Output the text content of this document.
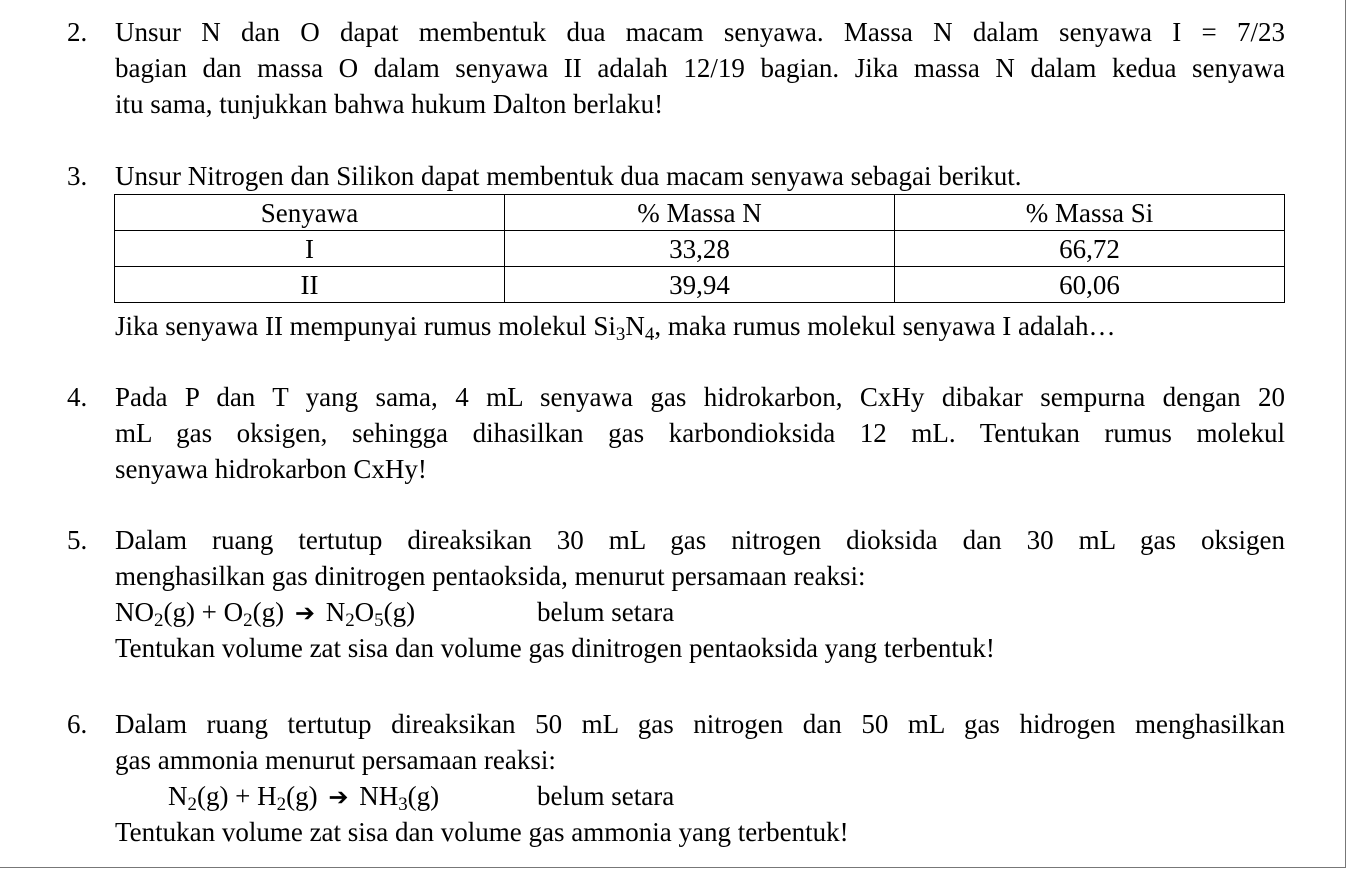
2.	Unsur N dan O dapat membentuk dua macam senyawa. Massa N dalam senyawa I = 7/23
bagian dan massa O dalam senyawa II adalah 12/19 bagian. Jika massa N dalam kedua senyawa
itu sama, tunjukkan bahwa hukum Dalton berlaku!
3.	Unsur Nitrogen dan Silikon dapat membentuk dua macam senyawa sebagai berikut.
Senyawa	% Massa N	% Massa Si
I	33,28	66,72
II	39,94	60,06
Jika senyawa II mempunyai rumus molekul $Si_3N_4$, maka rumus molekul senyawa I adalah…
4.	Pada P dan T yang sama, 4 mL senyawa gas hidrokarbon, CxHy dibakar sempurna dengan 20
mL gas oksigen, sehingga dihasilkan gas karbondioksida 12 mL. Tentukan rumus molekul
senyawa hidrokarbon CxHy!
5.	Dalam ruang tertutup direaksikan 30 mL gas nitrogen dioksida dan 30 mL gas oksigen
menghasilkan gas dinitrogen pentaoksida, menurut persamaan reaksi:
$NO_2(g) + O_2(g)$ ➔ $N_2O_5(g)$	belum setara
Tentukan volume zat sisa dan volume gas dinitrogen pentaoksida yang terbentuk!
6.	Dalam ruang tertutup direaksikan 50 mL gas nitrogen dan 50 mL gas hidrogen menghasilkan
gas ammonia menurut persamaan reaksi:
$N_2(g) + H_2(g)$ ➔ $NH_3(g)$	belum setara
Tentukan volume zat sisa dan volume gas ammonia yang terbentuk!
